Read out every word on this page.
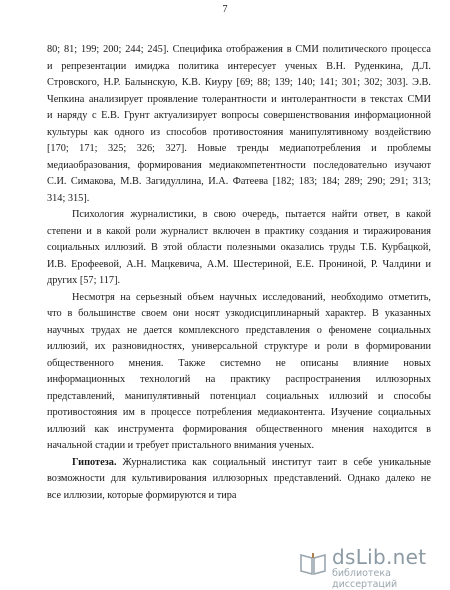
7
80; 81; 199; 200; 244; 245]. Специфика отображения в СМИ политического процесса
и репрезентации имиджа политика интересует ученых В.Н. Руденкина, Д.Л.
Стровского, Н.Р. Балынскую, К.В. Киуру [69; 88; 139; 140; 141; 301; 302; 303]. Э.В.
Чепкина анализирует проявление толерантности и интолерантности в текстах СМИ
и наряду с Е.В. Грунт актуализирует вопросы совершенствования информационной
культуры как одного из способов противостояния манипулятивному воздействию
[170; 171; 325; 326; 327]. Новые тренды медиапотребления и проблемы
медиаобразования, формирования медиакомпетентности последовательно изучают
С.И. Симакова, М.В. Загидуллина, И.А. Фатеева [182; 183; 184; 289; 290; 291; 313;
314; 315].
Психология журналистики, в свою очередь, пытается найти ответ, в какой
степени и в какой роли журналист включен в практику создания и тиражирования
социальных иллюзий. В этой области полезными оказались труды Т.Б. Курбацкой,
И.В. Ерофеевой, А.Н. Мацкевича, А.М. Шестериной, Е.Е. Прониной, Р. Чалдини и
других [57; 117].
Несмотря на серьезный объем научных исследований, необходимо отметить,
что в большинстве своем они носят узкодисциплинарный характер. В указанных
научных трудах не дается комплексного представления о феномене социальных
иллюзий, их разновидностях, универсальной структуре и роли в формировании
общественного мнения. Также системно не описаны влияние новых
информационных технологий на практику распространения иллюзорных
представлений, манипулятивный потенциал социальных иллюзий и способы
противостояния им в процессе потребления медиаконтента. Изучение социальных
иллюзий как инструмента формирования общественного мнения находится в
начальной стадии и требует пристального внимания ученых.
Гипотеза. Журналистика как социальный институт таит в себе уникальные
возможности для культивирования иллюзорных представлений. Однако далеко не
все иллюзии, которые формируются и тира
dsLib.net
библиотека диссертаций
